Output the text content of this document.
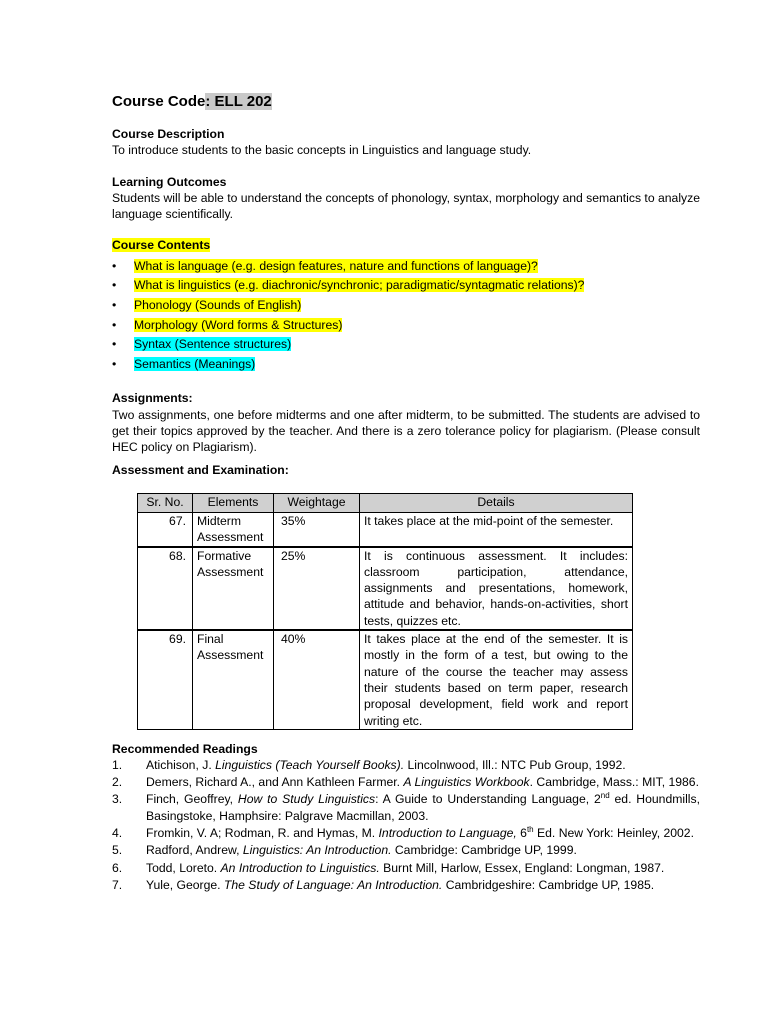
Course Code: ELL 202

Course Description

To introduce students to the basic concepts in Linguistics and language study.

Learning Outcomes

Students will be able to understand the concepts of phonology, syntax, morphology and semantics to analyze language scientifically.

Course Contents

•	What is language (e.g. design features, nature and functions of language)?
•	What is linguistics (e.g. diachronic/synchronic; paradigmatic/syntagmatic relations)?
•	Phonology (Sounds of English)
•	Morphology (Word forms & Structures)
•	Syntax (Sentence structures)
•	Semantics (Meanings)

Assignments:

Two assignments, one before midterms and one after midterm, to be submitted. The students are advised to get their topics approved by the teacher. And there is a zero tolerance policy for plagiarism. (Please consult HEC policy on Plagiarism).

Assessment and Examination:

Sr. No.	Elements	Weightage	Details
67.	Midterm Assessment	35%	It takes place at the mid-point of the semester.
68.	Formative Assessment	25%	It is continuous assessment. It includes: classroom participation, attendance, assignments and presentations, homework, attitude and behavior, hands-on-activities, short tests, quizzes etc.
69.	Final Assessment	40%	It takes place at the end of the semester. It is mostly in the form of a test, but owing to the nature of the course the teacher may assess their students based on term paper, research proposal development, field work and report writing etc.

Recommended Readings

1. Atichison, J. Linguistics (Teach Yourself Books). Lincolnwood, Ill.: NTC Pub Group, 1992.
2. Demers, Richard A., and Ann Kathleen Farmer. A Linguistics Workbook. Cambridge, Mass.: MIT, 1986.
3. Finch, Geoffrey, How to Study Linguistics: A Guide to Understanding Language, 2nd ed. Houndmills, Basingstoke, Hamphsire: Palgrave Macmillan, 2003.
4. Fromkin, V. A; Rodman, R. and Hymas, M. Introduction to Language, 6th Ed. New York: Heinley, 2002.
5. Radford, Andrew, Linguistics: An Introduction. Cambridge: Cambridge UP, 1999.
6. Todd, Loreto. An Introduction to Linguistics. Burnt Mill, Harlow, Essex, England: Longman, 1987.
7. Yule, George. The Study of Language: An Introduction. Cambridgeshire: Cambridge UP, 1985.
